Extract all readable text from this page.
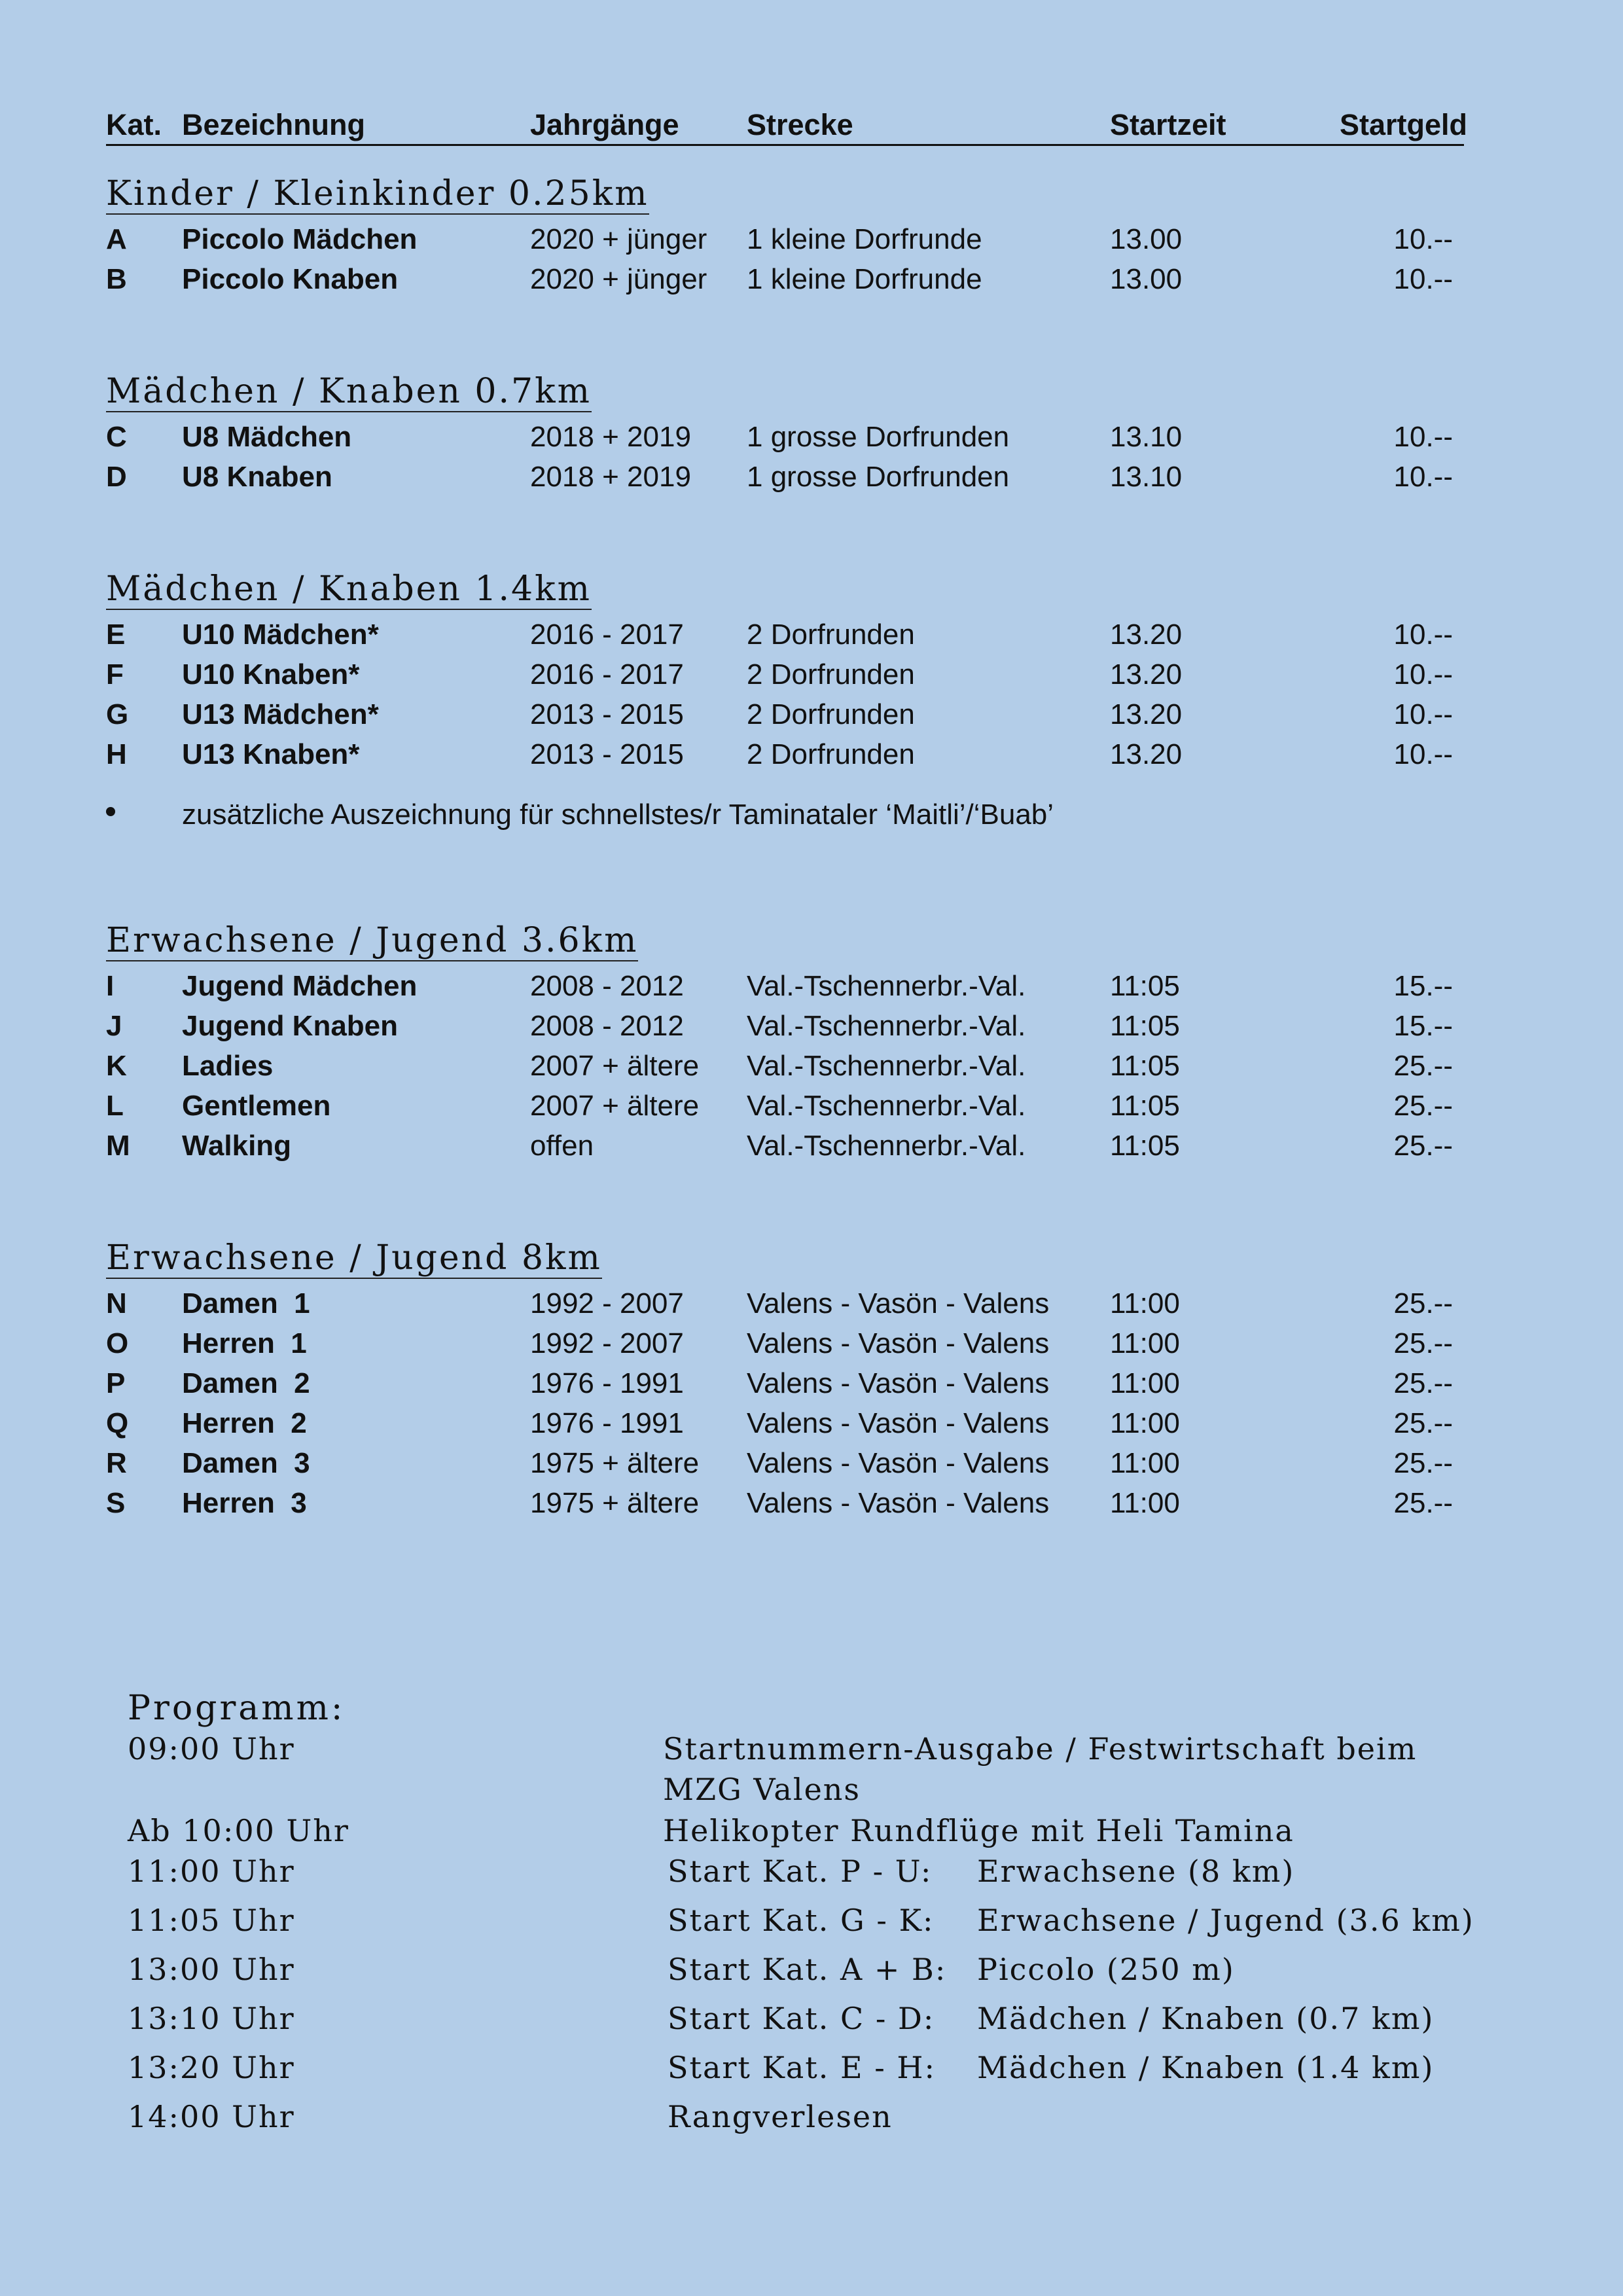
Kat. Bezeichnung	Jahrgänge Strecke	Startzeit	Startgeld
Kinder / Kleinkinder 0.25km
A Piccolo Mädchen	2020 + jünger 1 kleine Dorfrunde	13.00	10.--
B Piccolo Knaben	2020 + jünger 1 kleine Dorfrunde	13.00	10.--
Mädchen / Knaben 0.7km
C U8 Mädchen	2018 + 2019 1 grosse Dorfrunden	13.10	10.--
D U8 Knaben	2018 + 2019 1 grosse Dorfrunden	13.10	10.--
Mädchen / Knaben 1.4km
E U10 Mädchen*	2016 - 2017 2 Dorfrunden	13.20	10.--
F U10 Knaben*	2016 - 2017 2 Dorfrunden	13.20	10.--
G U13 Mädchen*	2013 - 2015 2 Dorfrunden	13.20	10.--
H U13 Knaben*	2013 - 2015 2 Dorfrunden	13.20	10.--
zusätzliche Auszeichnung für schnellstes/r Taminataler ‘Maitli’/‘Buab’
Erwachsene / Jugend 3.6km
I Jugend Mädchen	2008 - 2012 Val.-Tschennerbr.-Val.	11:05	15.--
J Jugend Knaben	2008 - 2012 Val.-Tschennerbr.-Val.	11:05	15.--
K Ladies	2007 + ältere Val.-Tschennerbr.-Val.	11:05	25.--
L Gentlemen	2007 + ältere Val.-Tschennerbr.-Val.	11:05	25.--
M Walking	offen	Val.-Tschennerbr.-Val.	11:05	25.--
Erwachsene / Jugend 8km
N Damen  1	1992 - 2007 Valens - Vasön - Valens 11:00	25.--
O Herren  1	1992 - 2007 Valens - Vasön - Valens 11:00	25.--
P Damen  2	1976 - 1991 Valens - Vasön - Valens 11:00	25.--
Q Herren  2	1976 - 1991 Valens - Vasön - Valens 11:00	25.--
R Damen  3	1975 + ältere Valens - Vasön - Valens 11:00	25.--
S Herren  3	1975 + ältere Valens - Vasön - Valens 11:00	25.--
Programm:
09:00 Uhr	Startnummern-Ausgabe / Festwirtschaft beim
MZG Valens
Ab 10:00 Uhr	Helikopter Rundflüge mit Heli Tamina
11:00 Uhr	Start Kat. P - U: Erwachsene (8 km)
11:05 Uhr	Start Kat. G - K: Erwachsene / Jugend (3.6 km)
13:00 Uhr	Start Kat. A + B: Piccolo (250 m)
13:10 Uhr	Start Kat. C - D: Mädchen / Knaben (0.7 km)
13:20 Uhr	Start Kat. E - H: Mädchen / Knaben (1.4 km)
14:00 Uhr	Rangverlesen
